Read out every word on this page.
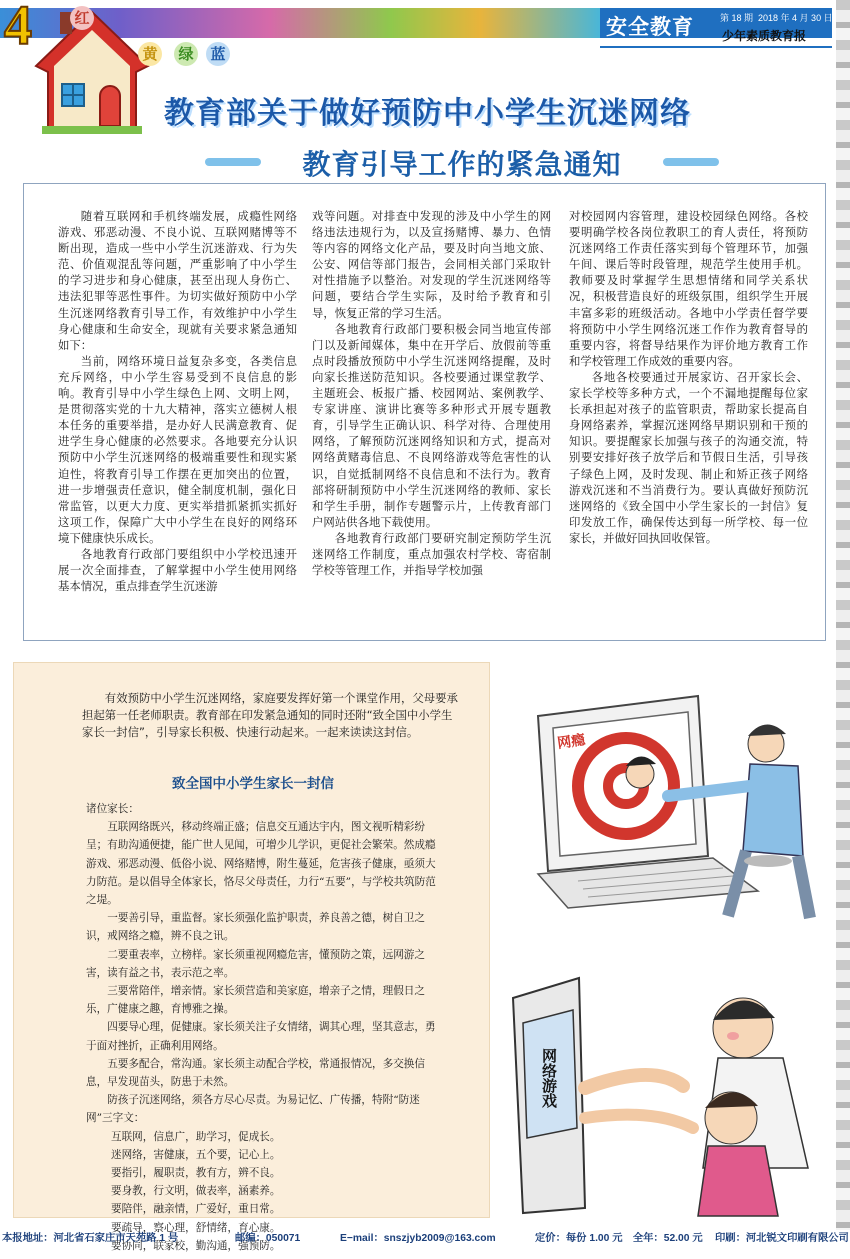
安全教育	第 18 期 2018 年 4 月 30 日
少年素质教育报
4	红
黄	绿	蓝
教育部关于做好预防中小学生沉迷网络
教育引导工作的紧急通知

随着互联网和手机终端发展，成瘾性网络游戏、邪恶动漫、不良小说、互联网赌博等不断出现，造成一些中小学生沉迷游戏、行为失范、价值观混乱等问题，严重影响了中小学生的学习进步和身心健康，甚至出现人身伤亡、违法犯罪等恶性事件。为切实做好预防中小学生沉迷网络教育引导工作，有效维护中小学生身心健康和生命安全，现就有关要求紧急通知如下：

当前，网络环境日益复杂多变，各类信息充斥网络，中小学生容易受到不良信息的影响。教育引导中小学生绿色上网、文明上网，是贯彻落实党的十九大精神，落实立德树人根本任务的重要举措，是办好人民满意教育、促进学生身心健康的必然要求。各地要充分认识预防中小学生沉迷网络的极端重要性和现实紧迫性，将教育引导工作摆在更加突出的位置，进一步增强责任意识，健全制度机制，强化日常监管，以更大力度、更实举措抓紧抓实抓好这项工作，保障广大中小学生在良好的网络环境下健康快乐成长。

各地教育行政部门要组织中小学校迅速开展一次全面排查，了解掌握中小学生使用网络基本情况，重点排查学生沉迷游

戏等问题。对排查中发现的涉及中小学生的网络违法违规行为，以及宣扬赌博、暴力、色情等内容的网络文化产品，要及时向当地文旅、公安、网信等部门报告，会同相关部门采取针对性措施予以整治。对发现的学生沉迷网络等问题，要结合学生实际，及时给予教育和引导，恢复正常的学习生活。

各地教育行政部门要积极会同当地宣传部门以及新闻媒体，集中在开学后、放假前等重点时段播放预防中小学生沉迷网络提醒，及时向家长推送防范知识。各校要通过课堂教学、主题班会、板报广播、校园网站、案例教学、专家讲座、演讲比赛等多种形式开展专题教育，引导学生正确认识、科学对待、合理使用网络，了解预防沉迷网络知识和方式，提高对网络黄赌毒信息、不良网络游戏等危害性的认识，自觉抵制网络不良信息和不法行为。教育部将研制预防中小学生沉迷网络的教师、家长和学生手册，制作专题警示片，上传教育部门户网站供各地下载使用。

各地教育行政部门要研究制定预防学生沉迷网络工作制度，重点加强农村学校、寄宿制学校等管理工作，并指导学校加强

对校园网内容管理，建设校园绿色网络。各校要明确学校各岗位教职工的育人责任，将预防沉迷网络工作责任落实到每个管理环节，加强午间、课后等时段管理，规范学生使用手机。教师要及时掌握学生思想情绪和同学关系状况，积极营造良好的班级氛围，组织学生开展丰富多彩的班级活动。各地中小学责任督学要将预防中小学生网络沉迷工作作为教育督导的重要内容，将督导结果作为评价地方教育工作和学校管理工作成效的重要内容。

各地各校要通过开展家访、召开家长会、家长学校等多种方式，一个不漏地提醒每位家长承担起对孩子的监管职责，帮助家长提高自身网络素养，掌握沉迷网络早期识别和干预的知识。要提醒家长加强与孩子的沟通交流，特别要安排好孩子放学后和节假日生活，引导孩子绿色上网，及时发现、制止和矫正孩子网络游戏沉迷和不当消费行为。要认真做好预防沉迷网络的《致全国中小学生家长的一封信》复印发放工作，确保传达到每一所学校、每一位家长，并做好回执回收保管。

有效预防中小学生沉迷网络，家庭要发挥好第一个课堂作用，父母要承担起第一任老师职责。教育部在印发紧急通知的同时还附“致全国中小学生家长一封信”，引导家长积极、快速行动起来。一起来读读这封信。

致全国中小学生家长一封信
诸位家长：
互联网络既兴，移动终端正盛；信息交互通达宇内，图文视听精彩纷呈；有助沟通便捷，能广世人见闻，可增少儿学识，更促社会繁荣。然成瘾游戏、邪恶动漫、低俗小说、网络赌博，附生蔓延，危害孩子健康，亟须大力防范。是以倡导全体家长，恪尽父母责任，力行“五要”，与学校共筑防范之堤。
一要善引导，重监督。家长须强化监护职责，养良善之德，树自卫之识，戒网络之瘾，辨不良之讯。
二要重表率，立榜样。家长须重视网瘾危害，懂预防之策，远网游之害，读有益之书，表示范之率。
三要常陪伴，增亲情。家长须营造和美家庭，增亲子之情，理假日之乐，广健康之趣，育博雅之操。
四要导心理，促健康。家长须关注子女情绪，调其心理，坚其意志，勇于面对挫折，正确利用网络。
五要多配合，常沟通。家长须主动配合学校，常通报情况，多交换信息，早发现苗头，防患于未然。
防孩子沉迷网络，须各方尽心尽责。为易记忆、广传播，特附“防迷网”三字文：
互联网，信息广，助学习，促成长。
迷网络，害健康，五个要，记心上。
要指引，履职责，教有方，辨不良。
要身教，行文明，做表率，涵素养。
要陪伴，融亲情，广爱好，重日常。
要疏导，察心理，舒情绪，育心康。
要协同，联家校，勤沟通，强预防。
网瘾
网络游戏
本报地址：河北省石家庄市天苑路 1 号	邮编：050071	E−mail：snszjyb2009@163.com	定价：每份 1.00 元　全年：52.00 元 印刷：河北锐文印刷有限公司
